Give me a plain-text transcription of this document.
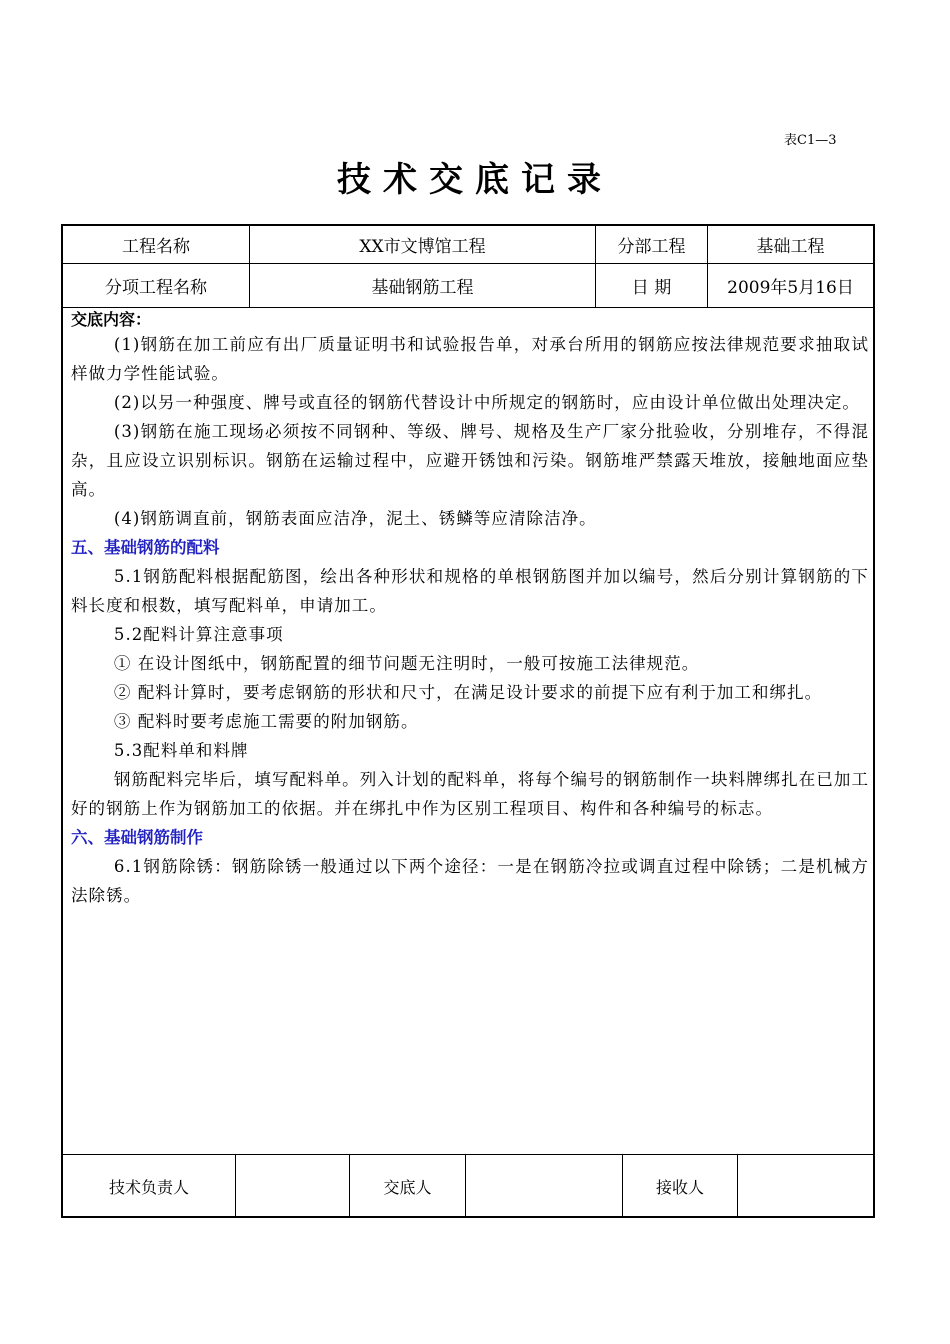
表C1—3
技术交底记录
工程名称	XX市文博馆工程	分部工程	基础工程
分项工程名称	基础钢筋工程	日 期	2009年5月16日

交底内容：

(1)钢筋在加工前应有出厂质量证明书和试验报告单，对承台所用的钢筋应按法律规范要求抽取试样做力学性能试验。

(2)以另一种强度、牌号或直径的钢筋代替设计中所规定的钢筋时，应由设计单位做出处理决定。

(3)钢筋在施工现场必须按不同钢种、等级、牌号、规格及生产厂家分批验收，分别堆存，不得混杂，且应设立识别标识。钢筋在运输过程中，应避开锈蚀和污染。钢筋堆严禁露天堆放，接触地面应垫高。

(4)钢筋调直前，钢筋表面应洁净，泥土、锈鳞等应清除洁净。

五、基础钢筋的配料

5.1钢筋配料根据配筋图，绘出各种形状和规格的单根钢筋图并加以编号，然后分别计算钢筋的下料长度和根数，填写配料单，申请加工。

5.2配料计算注意事项

① 在设计图纸中，钢筋配置的细节问题无注明时，一般可按施工法律规范。

② 配料计算时，要考虑钢筋的形状和尺寸，在满足设计要求的前提下应有利于加工和绑扎。

③ 配料时要考虑施工需要的附加钢筋。

5.3配料单和料牌

钢筋配料完毕后，填写配料单。列入计划的配料单，将每个编号的钢筋制作一块料牌绑扎在已加工好的钢筋上作为钢筋加工的依据。并在绑扎中作为区别工程项目、构件和各种编号的标志。

六、基础钢筋制作

6.1钢筋除锈：钢筋除锈一般通过以下两个途径：一是在钢筋冷拉或调直过程中除锈；二是机械方法除锈。

技术负责人	交底人	接收人
